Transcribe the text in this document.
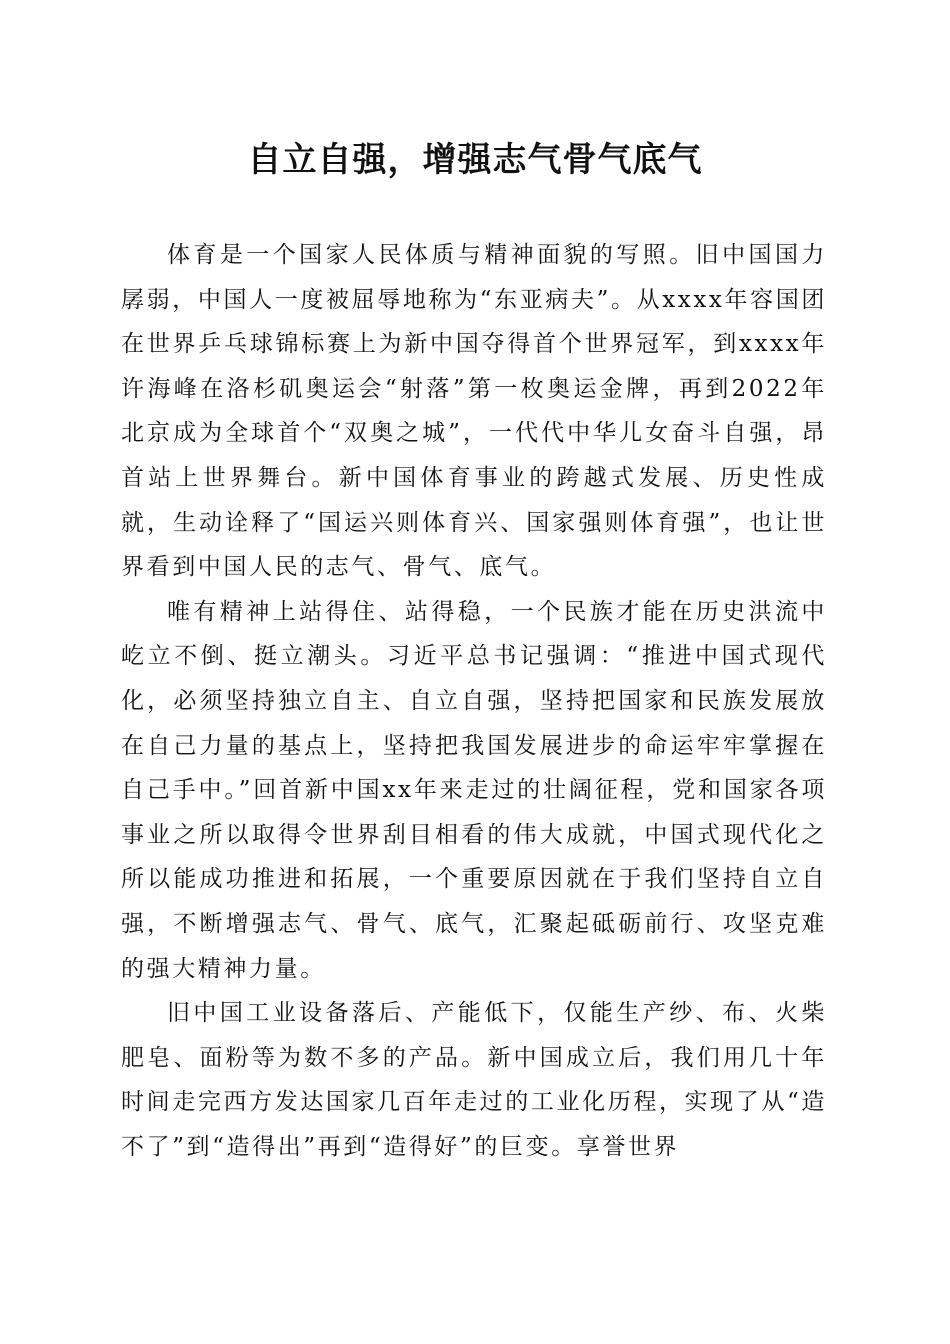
自立自强，增强志气骨气底气

体育是一个国家人民体质与精神面貌的写照。旧中国国力孱弱，中国人一度被屈辱地称为“东亚病夫”。从xxxx年容国团在世界乒乓球锦标赛上为新中国夺得首个世界冠军，到xxxx年许海峰在洛杉矶奥运会“射落”第一枚奥运金牌，再到2022年北京成为全球首个“双奥之城”，一代代中华儿女奋斗自强，昂首站上世界舞台。新中国体育事业的跨越式发展、历史性成就，生动诠释了“国运兴则体育兴、国家强则体育强”，也让世界看到中国人民的志气、骨气、底气。

唯有精神上站得住、站得稳，一个民族才能在历史洪流中屹立不倒、挺立潮头。习近平总书记强调：“推进中国式现代化，必须坚持独立自主、自立自强，坚持把国家和民族发展放在自己力量的基点上，坚持把我国发展进步的命运牢牢掌握在自己手中。”回首新中国xx年来走过的壮阔征程，党和国家各项事业之所以取得令世界刮目相看的伟大成就，中国式现代化之所以能成功推进和拓展，一个重要原因就在于我们坚持自立自强，不断增强志气、骨气、底气，汇聚起砥砺前行、攻坚克难的强大精神力量。

旧中国工业设备落后、产能低下，仅能生产纱、布、火柴肥皂、面粉等为数不多的产品。新中国成立后，我们用几十年时间走完西方发达国家几百年走过的工业化历程，实现了从“造不了”到“造得出”再到“造得好”的巨变。享誉世界
